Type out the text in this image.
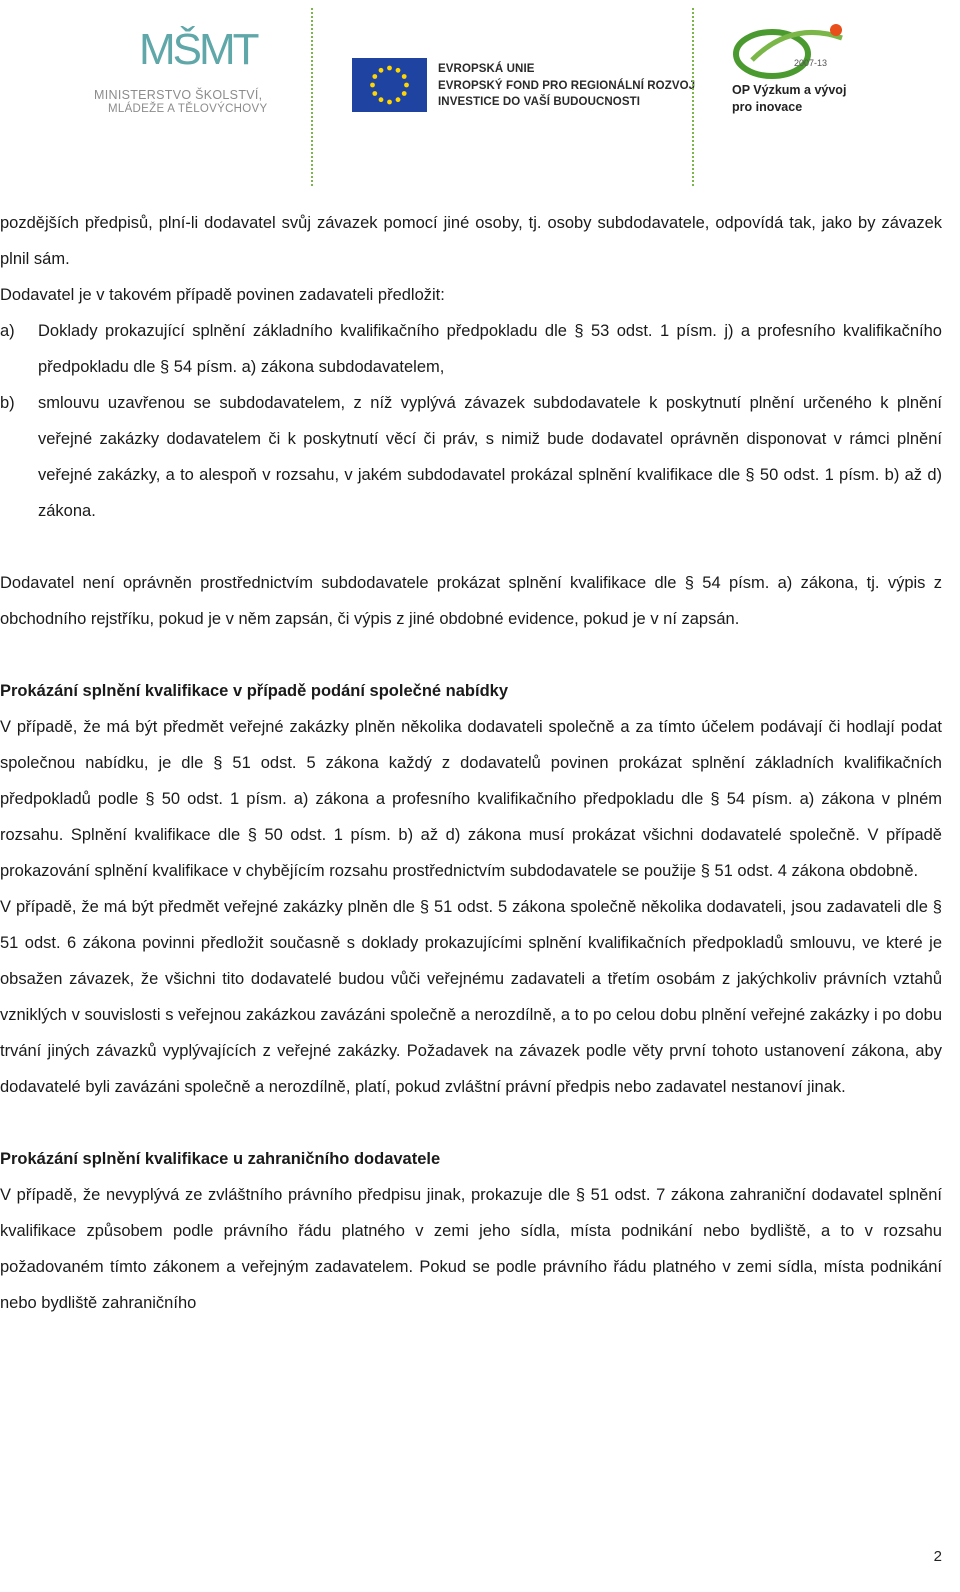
MŠMT
MINISTERSTVO ŠKOLSTVÍ,
MLÁDEŽE A TĚLOVÝCHOVY
EVROPSKÁ UNIE
EVROPSKÝ FOND PRO REGIONÁLNÍ ROZVOJ
INVESTICE DO VAŠÍ BUDOUCNOSTI
2007-13
OP Výzkum a vývoj
pro inovace

pozdějších předpisů, plní-li dodavatel svůj závazek pomocí jiné osoby, tj. osoby subdodavatele, odpovídá tak, jako by závazek plnil sám.

Dodavatel je v takovém případě povinen zadavateli předložit:

a)	Doklady prokazující splnění základního kvalifikačního předpokladu dle § 53 odst. 1 písm. j) a profesního kvalifikačního předpokladu dle § 54 písm. a) zákona subdodavatelem,
b)	smlouvu uzavřenou se subdodavatelem, z níž vyplývá závazek subdodavatele k poskytnutí plnění určeného k plnění veřejné zakázky dodavatelem či k poskytnutí věcí či práv, s nimiž bude dodavatel oprávněn disponovat v rámci plnění veřejné zakázky, a to alespoň v rozsahu, v jakém subdodavatel prokázal splnění kvalifikace dle § 50 odst. 1 písm. b) až d) zákona.

Dodavatel není oprávněn prostřednictvím subdodavatele prokázat splnění kvalifikace dle § 54 písm. a) zákona, tj. výpis z obchodního rejstříku, pokud je v něm zapsán, či výpis z jiné obdobné evidence, pokud je v ní zapsán.

Prokázání splnění kvalifikace v případě podání společné nabídky

V případě, že má být předmět veřejné zakázky plněn několika dodavateli společně a za tímto účelem podávají či hodlají podat společnou nabídku, je dle § 51 odst. 5 zákona každý z dodavatelů povinen prokázat splnění základních kvalifikačních předpokladů podle § 50 odst. 1 písm. a) zákona a profesního kvalifikačního předpokladu dle § 54 písm. a) zákona v plném rozsahu. Splnění kvalifikace dle § 50 odst. 1 písm. b) až d) zákona musí prokázat všichni dodavatelé společně. V případě prokazování splnění kvalifikace v chybějícím rozsahu prostřednictvím subdodavatele se použije § 51 odst. 4 zákona obdobně.

V případě, že má být předmět veřejné zakázky plněn dle § 51 odst. 5 zákona společně několika dodavateli, jsou zadavateli dle § 51 odst. 6 zákona povinni předložit současně s doklady prokazujícími splnění kvalifikačních předpokladů smlouvu, ve které je obsažen závazek, že všichni tito dodavatelé budou vůči veřejnému zadavateli a třetím osobám z jakýchkoliv právních vztahů vzniklých v souvislosti s veřejnou zakázkou zavázáni společně a nerozdílně, a to po celou dobu plnění veřejné zakázky i po dobu trvání jiných závazků vyplývajících z veřejné zakázky. Požadavek na závazek podle věty první tohoto ustanovení zákona, aby dodavatelé byli zavázáni společně a nerozdílně, platí, pokud zvláštní právní předpis nebo zadavatel nestanoví jinak.

Prokázání splnění kvalifikace u zahraničního dodavatele

V případě, že nevyplývá ze zvláštního právního předpisu jinak, prokazuje dle § 51 odst. 7 zákona zahraniční dodavatel splnění kvalifikace způsobem podle právního řádu platného v zemi jeho sídla, místa podnikání nebo bydliště, a to v rozsahu požadovaném tímto zákonem a veřejným zadavatelem. Pokud se podle právního řádu platného v zemi sídla, místa podnikání nebo bydliště zahraničního

2
